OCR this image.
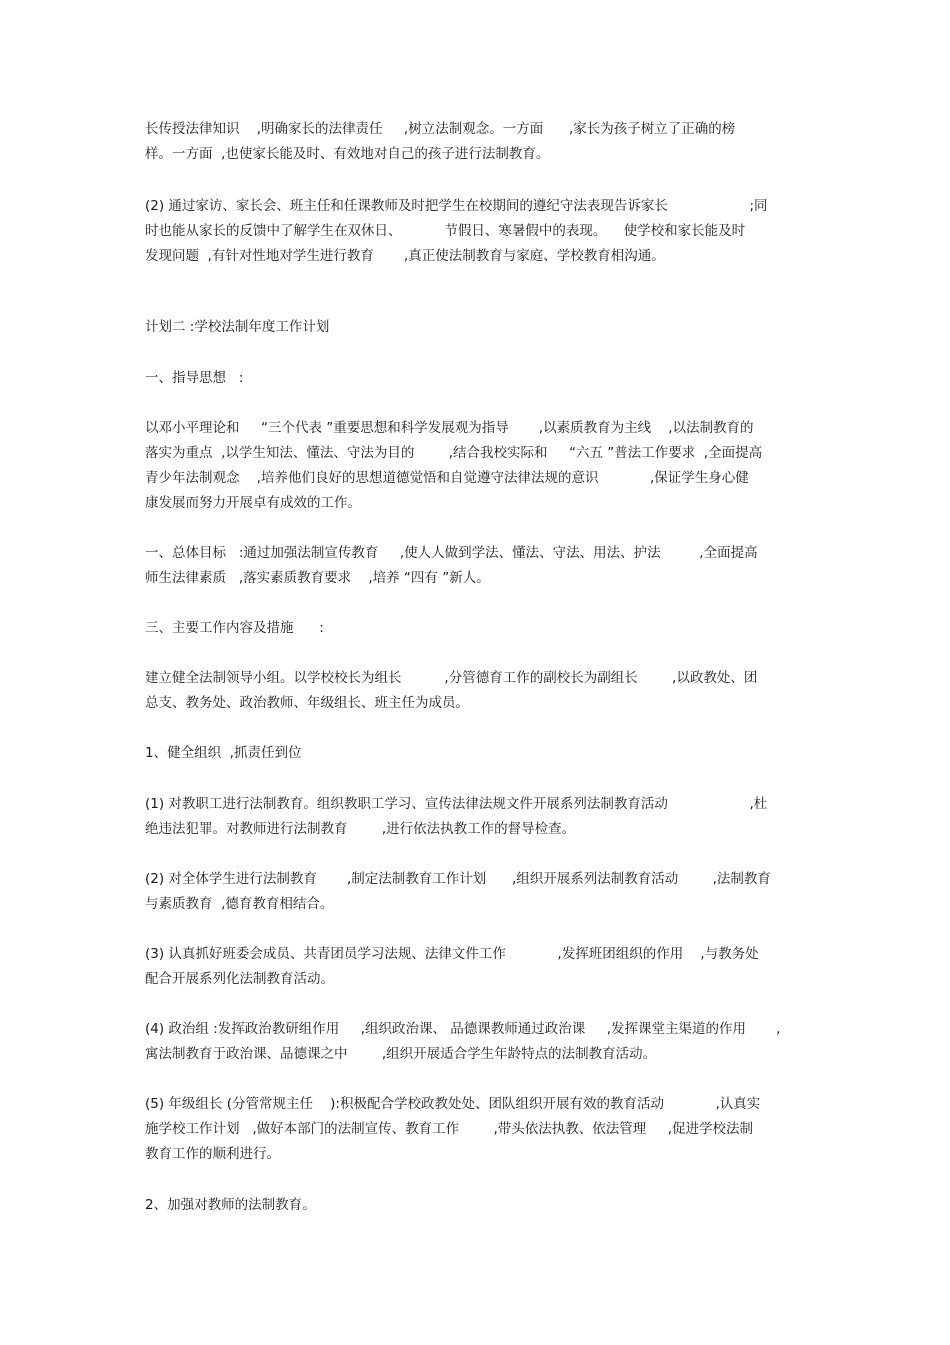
长传授法律知识    ,明确家长的法律责任     ,树立法制观念。一方面      ,家长为孩子树立了正确的榜
样。一方面  ,也使家长能及时、有效地对自己的孩子进行法制教育。

(2) 通过家访、家长会、班主任和任课教师及时把学生在校期间的遵纪守法表现告诉家长                   ;同
时也能从家长的反馈中了解学生在双休日、          节假日、寒暑假中的表现。    使学校和家长能及时
发现问题  ,有针对性地对学生进行教育       ,真正使法制教育与家庭、学校教育相沟通。

计划二 :学校法制年度工作计划

一、指导思想   :

以邓小平理论和     “三个代表 ”重要思想和科学发展观为指导       ,以素质教育为主线    ,以法制教育的
落实为重点  ,以学生知法、懂法、守法为目的        ,结合我校实际和     “六五 ”普法工作要求  ,全面提高
青少年法制观念    ,培养他们良好的思想道德觉悟和自觉遵守法律法规的意识            ,保证学生身心健
康发展而努力开展卓有成效的工作。

一、总体目标   :通过加强法制宣传教育     ,使人人做到学法、懂法、守法、用法、护法         ,全面提高
师生法律素质   ,落实素质教育要求    ,培养 “四有 ”新人。

三、主要工作内容及措施      :

建立健全法制领导小组。以学校校长为组长          ,分管德育工作的副校长为副组长        ,以政教处、团
总支、教务处、政治教师、年级组长、班主任为成员。

1、健全组织  ,抓责任到位

(1) 对教职工进行法制教育。组织教职工学习、宣传法律法规文件开展系列法制教育活动                   ,杜
绝违法犯罪。对教师进行法制教育        ,进行依法执教工作的督导检查。

(2) 对全体学生进行法制教育       ,制定法制教育工作计划      ,组织开展系列法制教育活动        ,法制教育
与素质教育  ,德育教育相结合。

(3) 认真抓好班委会成员、共青团员学习法规、法律文件工作            ,发挥班团组织的作用    ,与教务处
配合开展系列化法制教育活动。

(4) 政治组 :发挥政治教研组作用     ,组织政治课、 品德课教师通过政治课     ,发挥课堂主渠道的作用       ,
寓法制教育于政治课、品德课之中        ,组织开展适合学生年龄特点的法制教育活动。

(5) 年级组长 (分管常规主任    ):积极配合学校政教处处、团队组织开展有效的教育活动            ,认真实
施学校工作计划   ,做好本部门的法制宣传、教育工作        ,带头依法执教、依法管理     ,促进学校法制
教育工作的顺利进行。

2、加强对教师的法制教育。
